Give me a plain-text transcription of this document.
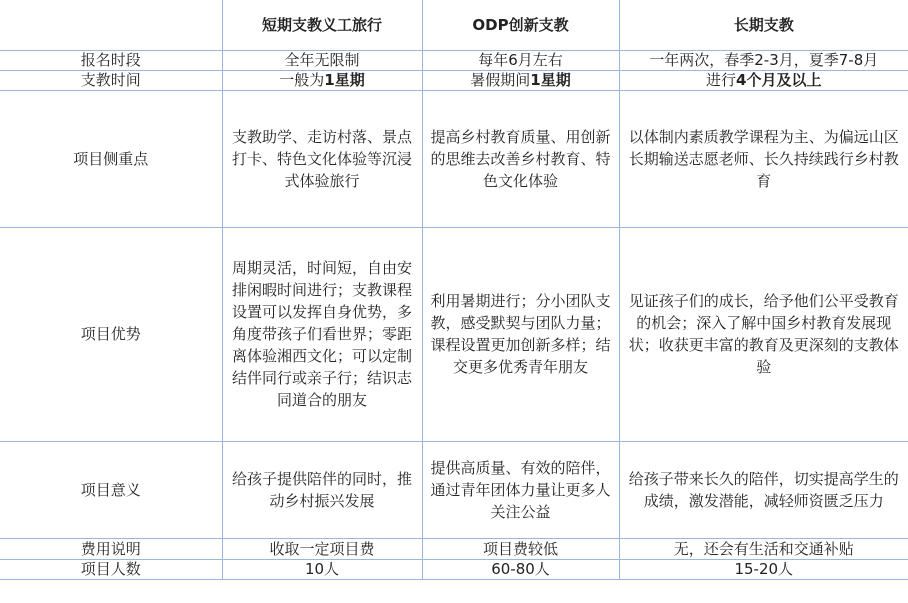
	短期支教义工旅行	ODP创新支教	长期支教
报名时段	全年无限制	每年6月左右	一年两次，春季2-3月，夏季7-8月
支教时间	一般为1星期	暑假期间1星期	进行4个月及以上
项目侧重点	支教助学、走访村落、景点打卡、特色文化体验等沉浸式体验旅行	提高乡村教育质量、用创新的思维去改善乡村教育、特色文化体验	以体制内素质教学课程为主、为偏远山区长期输送志愿老师、长久持续践行乡村教育
项目优势	周期灵活，时间短，自由安排闲暇时间进行；支教课程设置可以发挥自身优势，多角度带孩子们看世界；零距离体验湘西文化；可以定制结伴同行或亲子行；结识志同道合的朋友	利用暑期进行；分小团队支教，感受默契与团队力量；课程设置更加创新多样；结交更多优秀青年朋友	见证孩子们的成长，给予他们公平受教育的机会；深入了解中国乡村教育发展现状；收获更丰富的教育及更深刻的支教体验
项目意义	给孩子提供陪伴的同时，推动乡村振兴发展	提供高质量、有效的陪伴，通过青年团体力量让更多人关注公益	给孩子带来长久的陪伴，切实提高学生的成绩，激发潜能，减轻师资匮乏压力
费用说明	收取一定项目费	项目费较低	无，还会有生活和交通补贴
项目人数	10人	60-80人	15-20人
